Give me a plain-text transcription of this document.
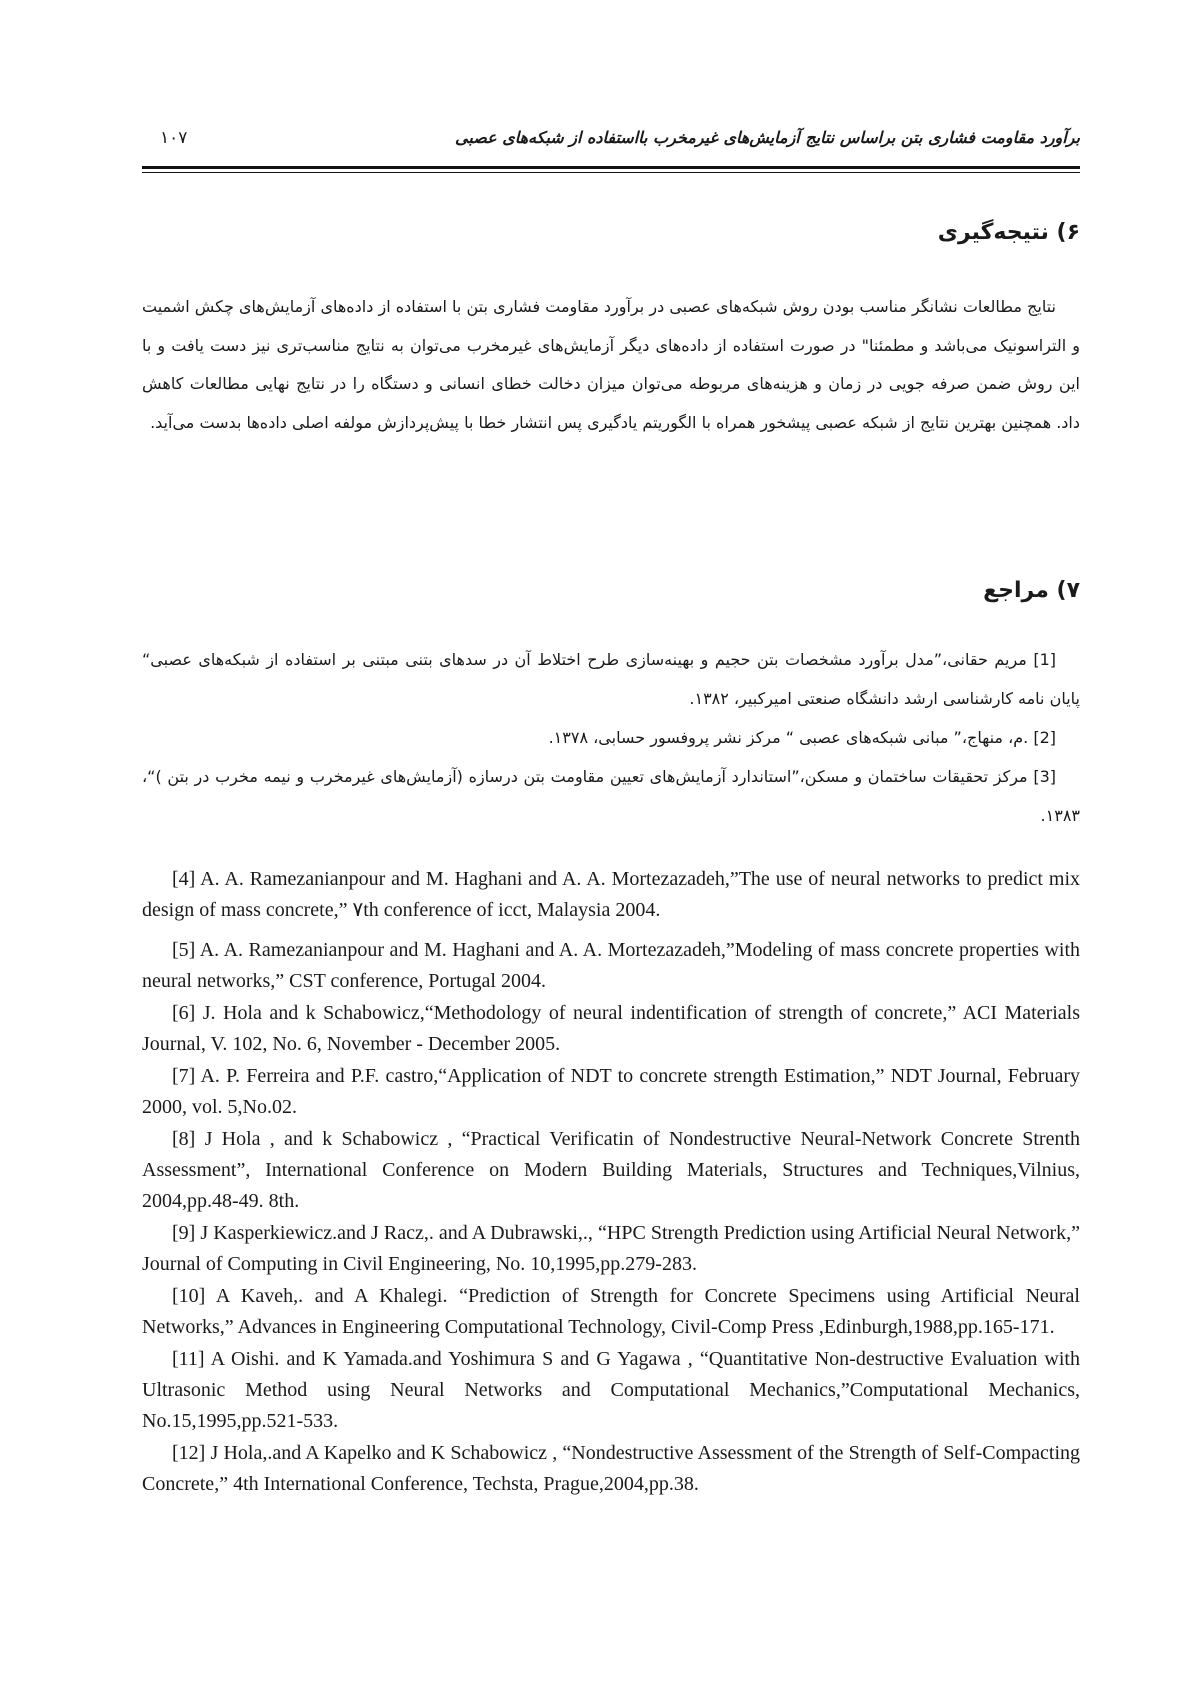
برآورد مقاومت فشاری بتن براساس نتایج آزمایش‌های غیرمخرب بااستفاده از شبکه‌های عصبی
۱۰۷
۶) نتیجه‌گیری

نتایج مطالعات نشانگر مناسب بودن روش شبکه‌های عصبی در برآورد مقاومت فشاری بتن با استفاده از داده‌های آزمایش‌های چکش اشمیت و التراسونیک می‌باشد و مطمئنا" در صورت استفاده از داده‌های دیگر آزمایش‌های غیرمخرب می‌توان به نتایج مناسب‌تری نیز دست یافت و با این روش ضمن صرفه جویی در زمان و هزینه‌های مربوطه می‌توان میزان دخالت خطای انسانی و دستگاه را در نتایج نهایی مطالعات کاهش داد. همچنین بهترین نتایج از شبکه عصبی پیشخور همراه با الگوریتم یادگیری پس انتشار خطا با پیش‌پردازش مولفه اصلی داده‌ها بدست می‌آید.

۷) مراجع

[1] مریم حقانی،”مدل برآورد مشخصات بتن حجیم و بهینه‌سازی طرح اختلاط آن در سدهای بتنی مبتنی بر استفاده از شبکه‌های عصبی“ پایان نامه کارشناسی ارشد دانشگاه صنعتی امیرکبیر، ۱۳۸۲.

[2] .م، منهاج،” مبانی شبکه‌های عصبی “ مرکز نشر پروفسور حسابی، ۱۳۷۸.

[3] مرکز تحقیقات ساختمان و مسکن،”استاندارد آزمایش‌های تعیین مقاومت بتن درسازه (آزمایش‌های غیرمخرب و نیمه مخرب در بتن )“، ۱۳۸۳.

[4] A. A. Ramezanianpour and M. Haghani and A. A. Mortezazadeh,”The use of neural networks to predict mix design of mass concrete,” ۷th conference of icct, Malaysia 2004.

[5] A. A. Ramezanianpour and M. Haghani and A. A. Mortezazadeh,”Modeling of mass concrete properties with neural networks,” CST conference, Portugal 2004.

[6] J. Hola and k Schabowicz,“Methodology of neural indentification of strength of concrete,” ACI Materials Journal, V. 102, No. 6, November - December 2005.

[7] A. P. Ferreira and P.F. castro,“Application of NDT to concrete strength Estimation,” NDT Journal, February 2000, vol. 5,No.02.

[8] J Hola , and k Schabowicz , “Practical Verificatin of Nondestructive Neural-Network Concrete Strenth Assessment”, International Conference on Modern Building Materials, Structures and Techniques,Vilnius, 2004,pp.48-49. 8th.

[9] J Kasperkiewicz.and J Racz,. and A Dubrawski,., “HPC Strength Prediction using Artificial Neural Network,” Journal of Computing in Civil Engineering, No. 10,1995,pp.279-283.

[10] A Kaveh,. and A Khalegi. “Prediction of Strength for Concrete Specimens using Artificial Neural Networks,” Advances in Engineering Computational Technology, Civil-Comp Press ,Edinburgh,1988,pp.165-171.

[11] A Oishi. and K Yamada.and Yoshimura S and G Yagawa , “Quantitative Non-destructive Evaluation with Ultrasonic Method using Neural Networks and Computational Mechanics,”Computational Mechanics, No.15,1995,pp.521-533.

[12] J Hola,.and A Kapelko and K Schabowicz , “Nondestructive Assessment of the Strength of Self-Compacting Concrete,” 4th International Conference, Techsta, Prague,2004,pp.38.
